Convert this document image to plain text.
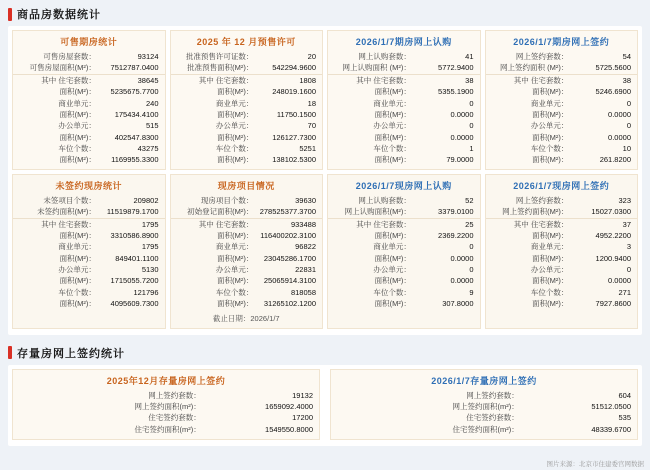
商品房数据统计
可售期房统计
可售房屋套数：	93124
可售房屋面积(M²)：	7512787.0400
其中 住宅套数：	38645
面积(M²)：	5235675.7700
商业单元：	240
面积(M²)：	175434.4100
办公单元：	515
面积(M²)：	402547.8300
车位个数：	43275
面积(M²)：	1169955.3300
2025 年 12 月预售许可
批准预售许可证数：	20
批准预售面积(M²)：	542294.9600
其中 住宅套数：	1808
面积(M²)：	248019.1600
商业单元：	18
面积(M²)：	11750.1500
办公单元：	70
面积(M²)：	126127.7300
车位个数：	5251
面积(M²)：	138102.5300
2026/1/7期房网上认购
网上认购套数：	41
网上认购面积 (M²)：	5772.9400
其中 住宅套数：	38
面积(M²)：	5355.1900
商业单元：	0
面积(M²)：	0.0000
办公单元：	0
面积(M²)：	0.0000
车位个数：	1
面积(M²)：	79.0000
2026/1/7期房网上签约
网上签约套数：	54
网上签约面积 (M²)：	5725.5600
其中 住宅套数：	38
面积(M²)：	5246.6900
商业单元：	0
面积(M²)：	0.0000
办公单元：	0
面积(M²)：	0.0000
车位个数：	10
面积(M²)：	261.8200
未签约现房统计
未签项目个数：	209802
未签约面积(M²)：	11519879.1700
其中 住宅套数：	1795
面积(M²)：	3310586.8900
商业单元：	1795
面积(M²)：	849401.1100
办公单元：	5130
面积(M²)：	1715055.7200
车位个数：	121796
面积(M²)：	4095609.7300
现房项目情况
现房项目个数：	39630
初始登记面积(M²)：	278525377.3700
其中 住宅套数：	933488
面积(M²)：	116400202.3100
商业单元：	96822
面积(M²)：	23045286.1700
办公单元：	22831
面积(M²)：	25065914.3100
车位个数：	818058
面积(M²)：	31265102.1200
截止日期：2026/1/7
2026/1/7现房网上认购
网上认购套数：	52
网上认购面积(M²)：	3379.0100
其中 住宅套数：	25
面积(M²)：	2369.2200
商业单元：	0
面积(M²)：	0.0000
办公单元：	0
面积(M²)：	0.0000
车位个数：	9
面积(M²)：	307.8000
2026/1/7现房网上签约
网上签约套数：	323
网上签约面积(M²)：	15027.0300
其中 住宅套数：	37
面积(M²)：	4952.2200
商业单元：	3
面积(M²)：	1200.9400
办公单元：	0
面积(M²)：	0.0000
车位个数：	271
面积(M²)：	7927.8600
存量房网上签约统计
2025年12月存量房网上签约
网上签约套数：	19132
网上签约面积(m²)：	1659092.4000
住宅签约套数：	17200
住宅签约面积(m²)：	1549550.8000
2026/1/7存量房网上签约
网上签约套数：	604
网上签约面积(m²)：	51512.0500
住宅签约套数：	535
住宅签约面积(m²)：	48339.6700
图片来源：北京市住建委官网数据
